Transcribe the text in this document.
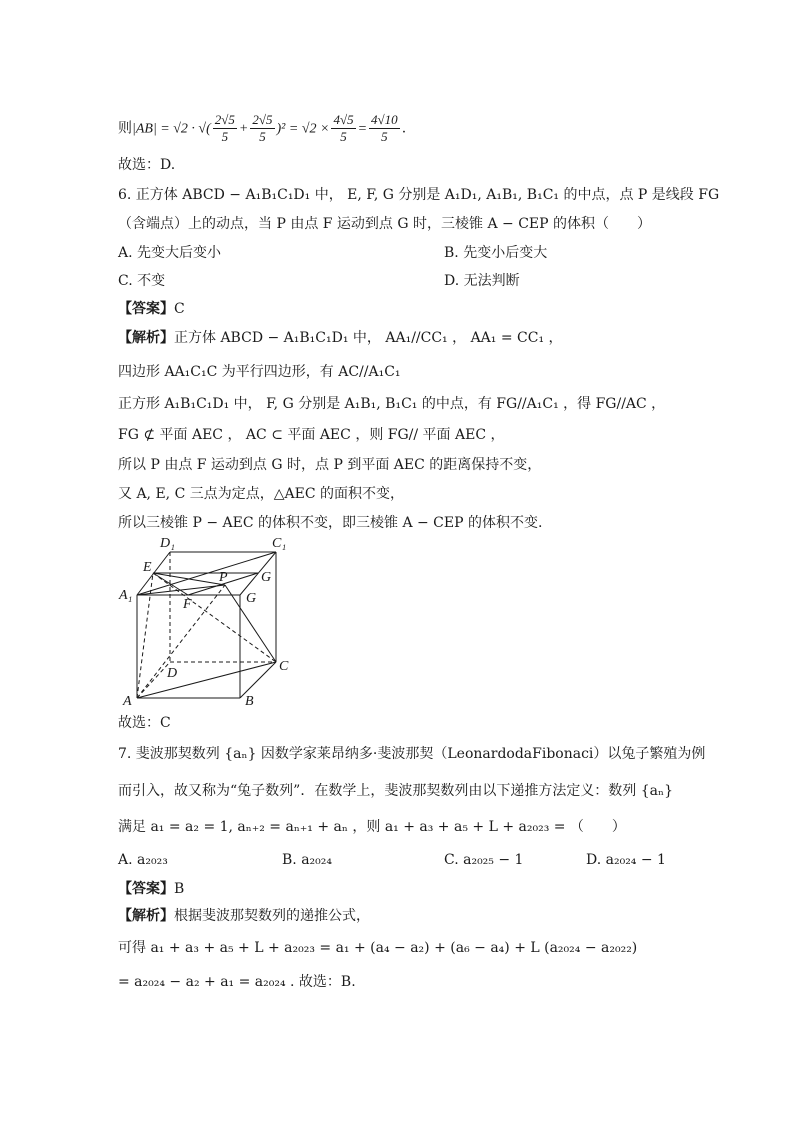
则|AB| = √2 · √( $\frac{2√5}{5} + \frac{2√5}{5} )^2 = √2 \times \frac{4√5}{5} = \frac{4√10}{5}$ .
故选：D.
6. 正方体 ABCD − A₁B₁C₁D₁ 中， E, F, G 分别是 A₁D₁, A₁B₁, B₁C₁ 的中点，点 P 是线段 FG
（含端点）上的动点，当 P 由点 F 运动到点 G 时，三棱锥 A − CEP 的体积（　　）
A. 先变大后变小	B. 先变小后变大
C. 不变	D. 无法判断
【答案】C
【解析】正方体 ABCD − A₁B₁C₁D₁ 中， AA₁//CC₁ ， AA₁ = CC₁ ，
四边形 AA₁C₁C 为平行四边形，有 AC//A₁C₁
正方形 A₁B₁C₁D₁ 中， F, G 分别是 A₁B₁, B₁C₁ 的中点，有 FG//A₁C₁ ，得 FG//AC ，
FG ⊄ 平面 AEC ， AC ⊂ 平面 AEC ，则 FG// 平面 AEC ，
所以 P 由点 F 运动到点 G 时，点 P 到平面 AEC 的距离保持不变，
又 A, E, C 三点为定点，△AEC 的面积不变，
所以三棱锥 P − AEC 的体积不变，即三棱锥 A − CEP 的体积不变.
D₁	C₁
E
P G
A₁
F	G
C
D
A	B
故选：C
7. 斐波那契数列 {aₙ} 因数学家莱昂纳多·斐波那契（LeonardodaFibonaci）以兔子繁殖为例
而引入，故又称为“兔子数列”．在数学上，斐波那契数列由以下递推方法定义：数列 {aₙ}
满足 a₁ = a₂ = 1, aₙ₊₂ = aₙ₊₁ + aₙ ，则 a₁ + a₃ + a₅ + L + a₂₀₂₃ = （　　）
A. a₂₀₂₃	B. a₂₀₂₄	C. a₂₀₂₅ − 1	D. a₂₀₂₄ − 1
【答案】B
【解析】根据斐波那契数列的递推公式，
可得 a₁ + a₃ + a₅ + L + a₂₀₂₃ = a₁ + (a₄ − a₂) + (a₆ − a₄) + L (a₂₀₂₄ − a₂₀₂₂)
= a₂₀₂₄ − a₂ + a₁ = a₂₀₂₄ . 故选：B.
